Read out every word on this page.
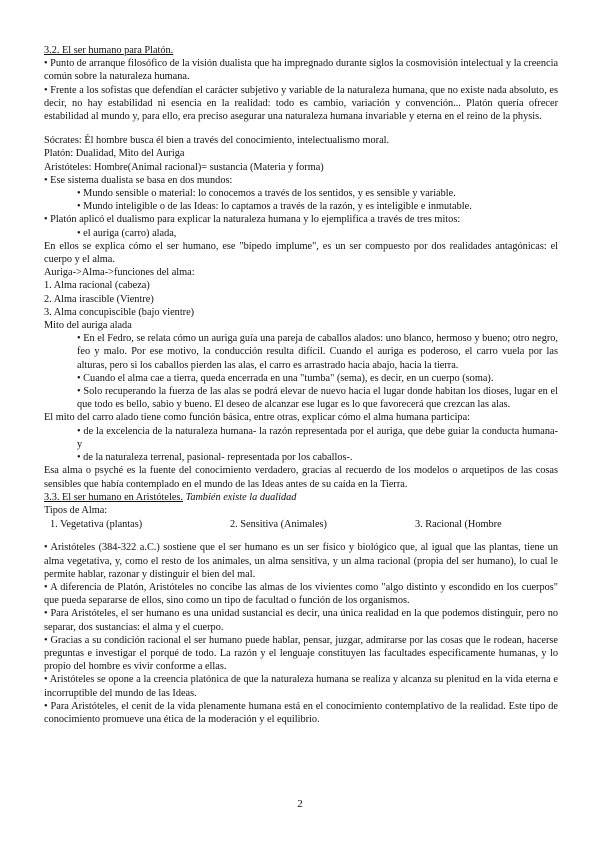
3.2. El ser humano para Platón.

• Punto de arranque filosófico de la visión dualista que ha impregnado durante siglos la cosmovisión intelectual y la creencia común sobre la naturaleza humana.

• Frente a los sofistas que defendían el carácter subjetivo y variable de la naturaleza humana, que no existe nada absoluto, es decir, no hay estabilidad ni esencia en la realidad: todo es cambio, variación y convención... Platón quería ofrecer estabilidad al mundo y, para ello, era preciso asegurar una naturaleza humana invariable y eterna en el reino de la physis.

Sócrates: Él hombre busca él bien a través del conocimiento, intelectualismo moral.

Platón: Dualidad, Mito del Auriga

Aristóteles: Hombre(Animal racional)= sustancia (Materia y forma)

• Ese sistema dualista se basa en dos mundos:

• Mundo sensible o material: lo conocemos a través de los sentidos, y es sensible y variable.

• Mundo inteligible o de las Ideas: lo captamos a través de la razón, y es inteligible e inmutable.

• Platón aplicó el dualismo para explicar la naturaleza humana y lo ejemplifica a través de tres mitos:

• el auriga (carro) alada,

En ellos se explica cómo el ser humano, ese "bípedo implume", es un ser compuesto por dos realidades antagónicas: el cuerpo y el alma.

Auriga->Alma->funciones del alma:

1. Alma racional (cabeza)

2. Alma irascible (Vientre)

3. Alma concupiscible (bajo vientre)

Mito del auriga alada

• En el Fedro, se relata cómo un auriga guía una pareja de caballos alados: uno blanco, hermoso y bueno; otro negro, feo y malo. Por ese motivo, la conducción resulta difícil. Cuando el auriga es poderoso, el carro vuela por las alturas, pero si los caballos pierden las alas, el carro es arrastrado hacia abajo, hacia la tierra.

• Cuando el alma cae a tierra, queda encerrada en una "tumba" (sema), es decir, en un cuerpo (soma).

• Solo recuperando la fuerza de las alas se podrá elevar de nuevo hacia el lugar donde habitan los dioses, lugar en el que todo es bello, sabio y bueno. El deseo de alcanzar ese lugar es lo que favorecerá que crezcan las alas.

El mito del carro alado tiene como función básica, entre otras, explicar cómo el alma humana participa:

• de la excelencia de la naturaleza humana- la razón representada por el auriga, que debe guiar la conducta humana- y

• de la naturaleza terrenal, pasional- representada por los caballos-.

Esa alma o psyché es la fuente del conocimiento verdadero, gracias al recuerdo de los modelos o arquetipos de las cosas sensibles que había contemplado en el mundo de las Ideas antes de su caída en la Tierra.

3.3. El ser humano en Aristóteles. También existe la dualidad

Tipos de Alma:

1. Vegetativa (plantas)	2. Sensitiva (Animales)	3. Racional (Hombre

• Aristóteles (384-322 a.C.) sostiene que el ser humano es un ser físico y biológico que, al igual que las plantas, tiene un alma vegetativa, y, como el resto de los animales, un alma sensitiva, y un alma racional (propia del ser humano), lo cual le permite hablar, razonar y distinguir el bien del mal.

• A diferencia de Platón, Aristóteles no concibe las almas de los vivientes como "algo distinto y escondido en los cuerpos" que pueda separarse de ellos, sino como un tipo de facultad o función de los organismos.

• Para Aristóteles, el ser humano es una unidad sustancial es decir, una única realidad en la que podemos distinguir, pero no separar, dos sustancias: el alma y el cuerpo.

• Gracias a su condición racional el ser humano puede hablar, pensar, juzgar, admirarse por las cosas que le rodean, hacerse preguntas e investigar el porqué de todo. La razón y el lenguaje constituyen las facultades específicamente humanas, y lo propio del hombre es vivir conforme a ellas.

• Aristóteles se opone a la creencia platónica de que la naturaleza humana se realiza y alcanza su plenitud en la vida eterna e incorruptible del mundo de las Ideas.

• Para Aristóteles, el cenit de la vida plenamente humana está en el conocimiento contemplativo de la realidad. Este tipo de conocimiento promueve una ética de la moderación y el equilibrio.

2
